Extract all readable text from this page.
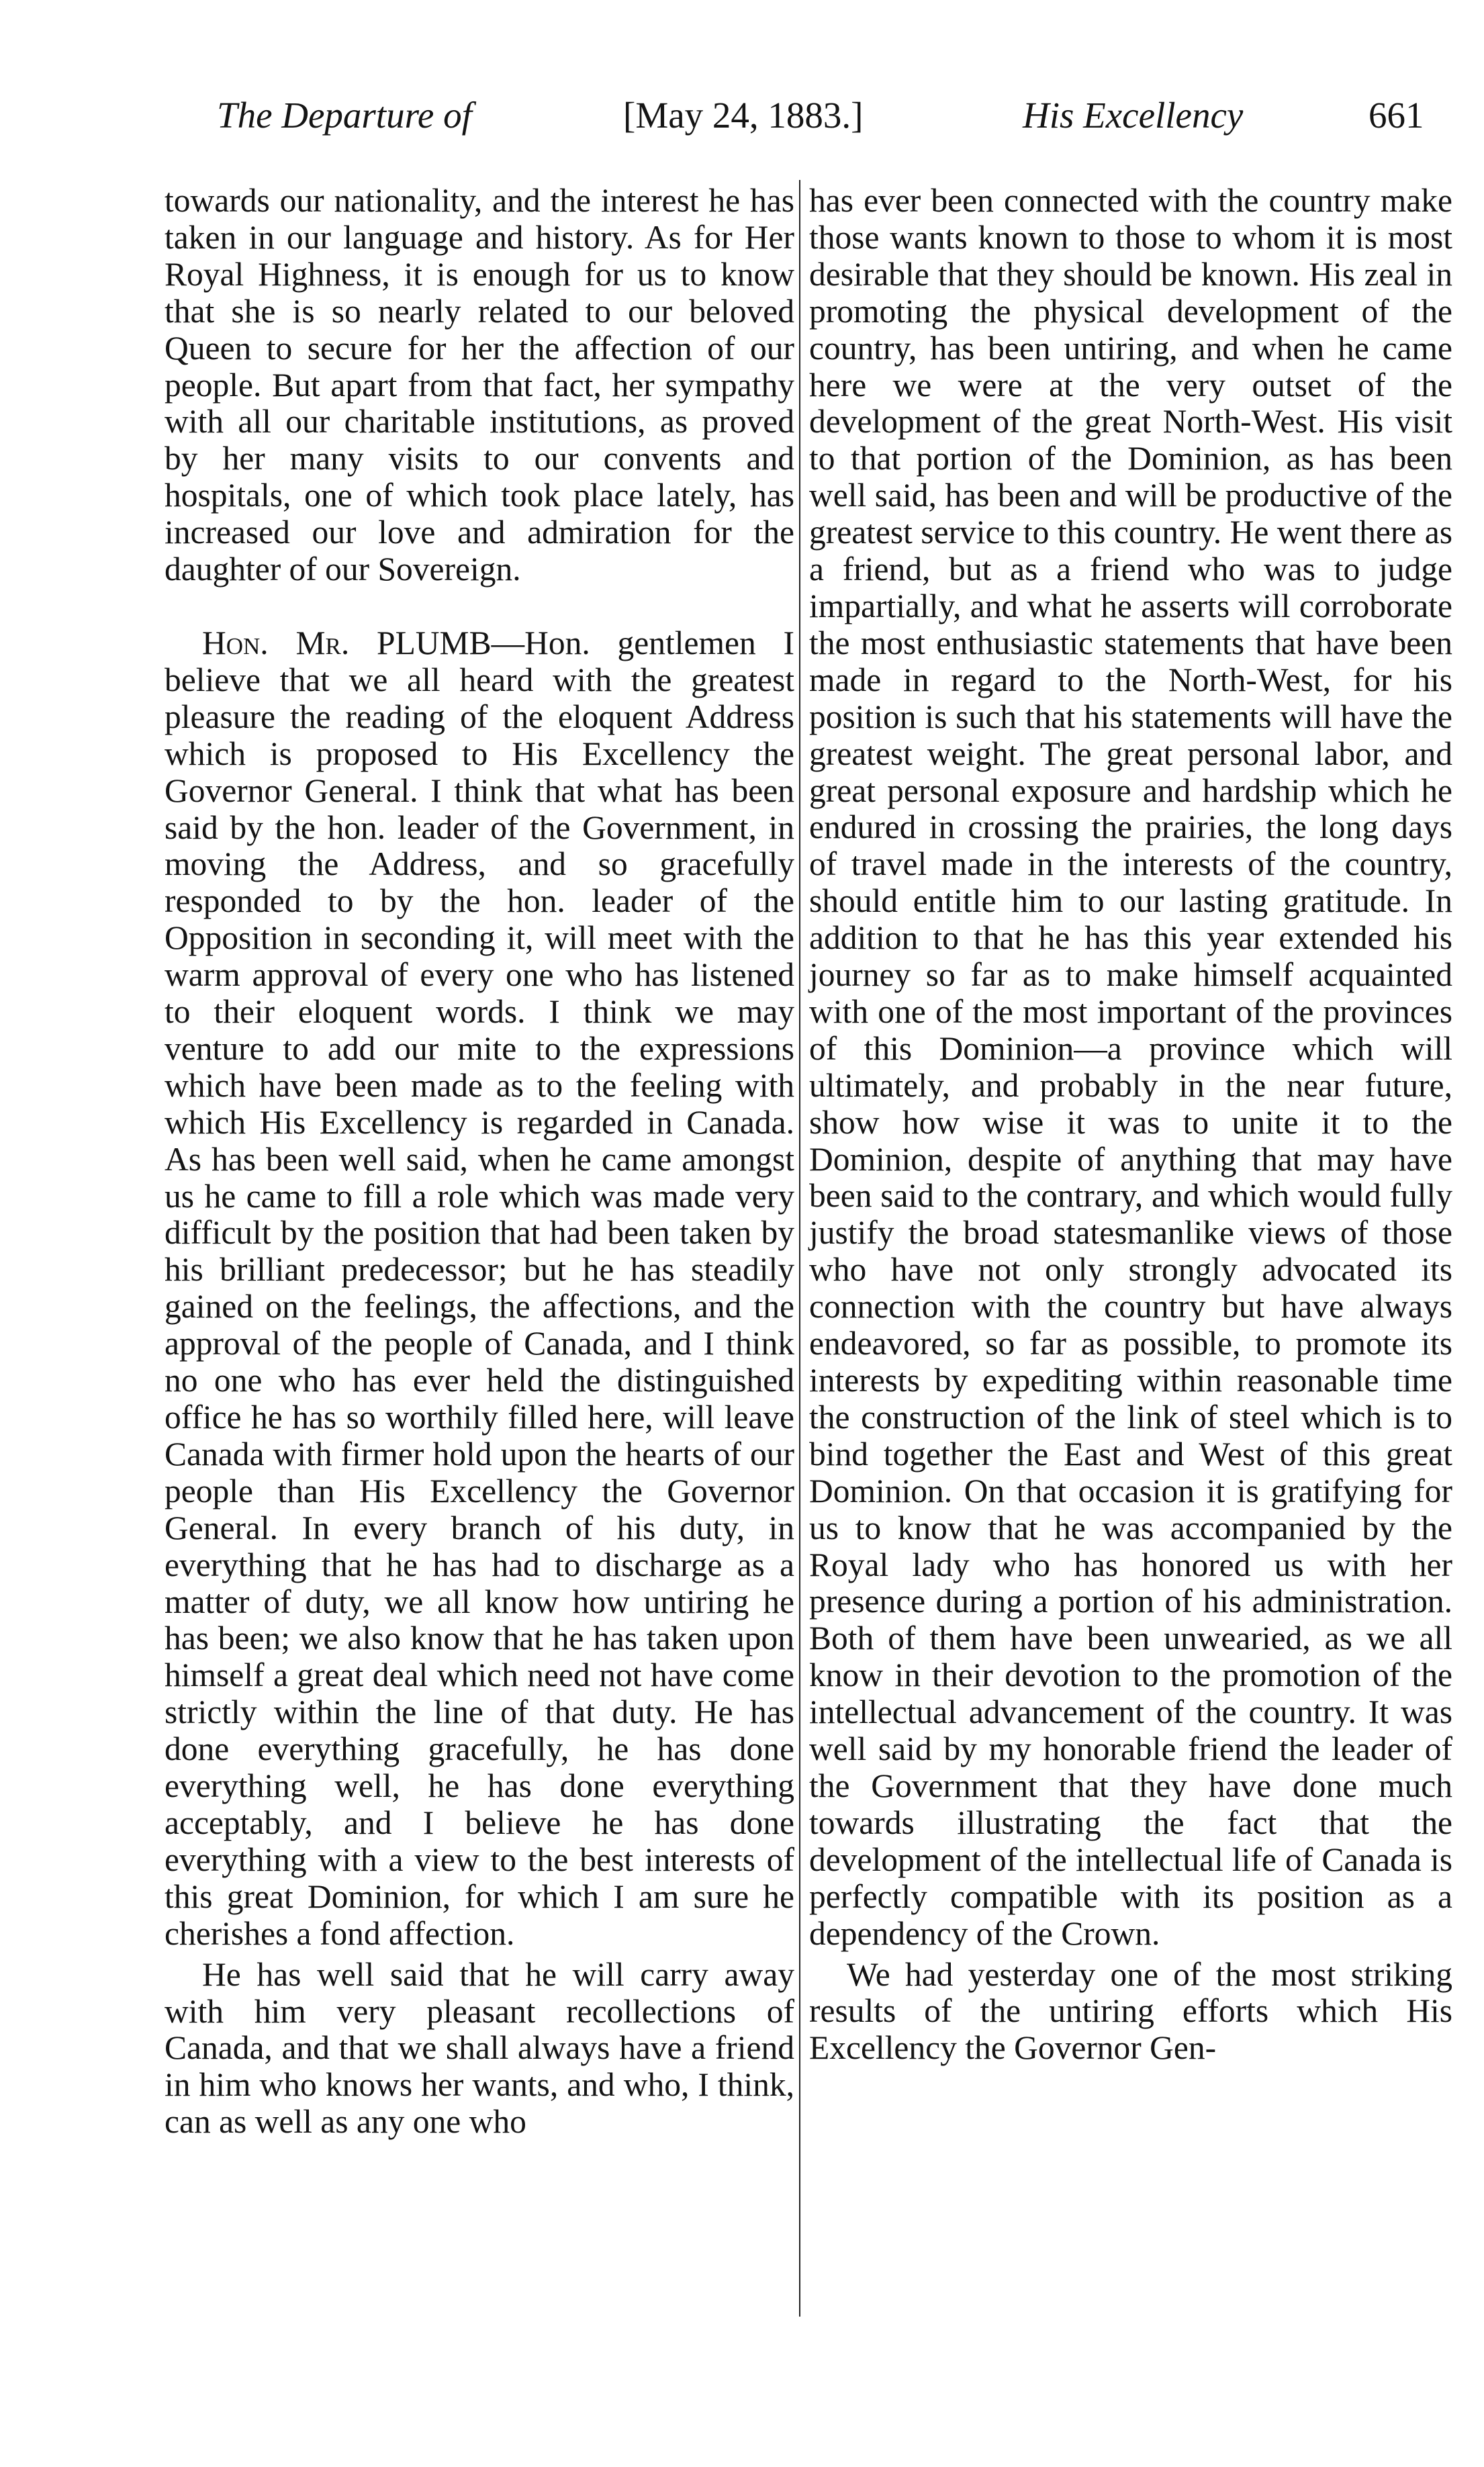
The Departure of	[May 24, 1883.]	His Excellency	661

towards our nationality, and the interest he has taken in our language and history. As for Her Royal Highness, it is enough for us to know that she is so nearly related to our beloved Queen to secure for her the affection of our people. But apart from that fact, her sympathy with all our charitable institutions, as proved by her many visits to our convents and hospitals, one of which took place lately, has increased our love and admiration for the daughter of our Sovereign.

Hon. Mr. PLUMB—Hon. gentlemen I believe that we all heard with the greatest pleasure the reading of the eloquent Address which is proposed to His Excellency the Governor General. I think that what has been said by the hon. leader of the Government, in moving the Address, and so gracefully responded to by the hon. leader of the Opposition in seconding it, will meet with the warm approval of every one who has listened to their eloquent words. I think we may venture to add our mite to the expressions which have been made as to the feeling with which His Excellency is regarded in Canada. As has been well said, when he came amongst us he came to fill a role which was made very difficult by the position that had been taken by his brilliant predecessor; but he has steadily gained on the feelings, the affections, and the approval of the people of Canada, and I think no one who has ever held the distinguished office he has so worthily filled here, will leave Canada with firmer hold upon the hearts of our people than His Excellency the Governor General. In every branch of his duty, in everything that he has had to discharge as a matter of duty, we all know how untiring he has been; we also know that he has taken upon himself a great deal which need not have come strictly within the line of that duty. He has done everything gracefully, he has done everything well, he has done everything acceptably, and I believe he has done everything with a view to the best interests of this great Dominion, for which I am sure he cherishes a fond affection.

He has well said that he will carry away with him very pleasant recollections of Canada, and that we shall always have a friend in him who knows her wants, and who, I think, can as well as any one who

has ever been connected with the country make those wants known to those to whom it is most desirable that they should be known. His zeal in promoting the physical development of the country, has been untiring, and when he came here we were at the very outset of the development of the great North-West. His visit to that portion of the Dominion, as has been well said, has been and will be productive of the greatest service to this country. He went there as a friend, but as a friend who was to judge impartially, and what he asserts will corroborate the most enthusiastic statements that have been made in regard to the North-West, for his position is such that his statements will have the greatest weight. The great personal labor, and great personal exposure and hardship which he endured in crossing the prairies, the long days of travel made in the interests of the country, should entitle him to our lasting gratitude. In addition to that he has this year extended his journey so far as to make himself acquainted with one of the most important of the provinces of this Dominion—a province which will ultimately, and probably in the near future, show how wise it was to unite it to the Dominion, despite of anything that may have been said to the contrary, and which would fully justify the broad statesmanlike views of those who have not only strongly advocated its connection with the country but have always endeavored, so far as possible, to promote its interests by expediting within reasonable time the construction of the link of steel which is to bind together the East and West of this great Dominion. On that occasion it is gratifying for us to know that he was accompanied by the Royal lady who has honored us with her presence during a portion of his administration. Both of them have been unwearied, as we all know in their devotion to the promotion of the intellectual advancement of the country. It was well said by my honorable friend the leader of the Government that they have done much towards illustrating the fact that the development of the intellectual life of Canada is perfectly compatible with its position as a dependency of the Crown.

We had yesterday one of the most striking results of the untiring efforts which His Excellency the Governor Gen-
